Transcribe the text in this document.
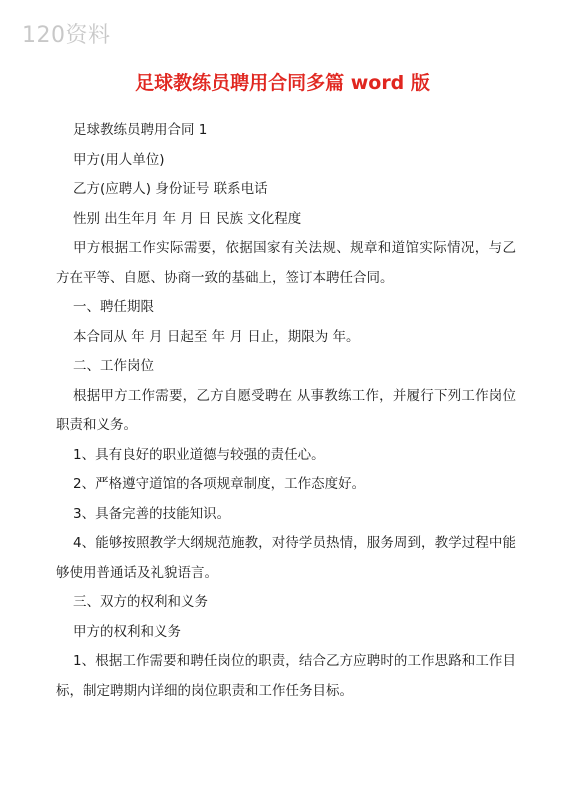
120资料
足球教练员聘用合同多篇 word 版

足球教练员聘用合同 1

甲方(用人单位)

乙方(应聘人) 身份证号 联系电话

性别 出生年月 年 月 日 民族 文化程度

甲方根据工作实际需要，依据国家有关法规、规章和道馆实际情况，与乙方在平等、自愿、协商一致的基础上，签订本聘任合同。

一、聘任期限

本合同从 年 月 日起至 年 月 日止，期限为 年。

二、工作岗位

根据甲方工作需要，乙方自愿受聘在 从事教练工作，并履行下列工作岗位职责和义务。

1、具有良好的职业道德与较强的责任心。

2、严格遵守道馆的各项规章制度，工作态度好。

3、具备完善的技能知识。

4、能够按照教学大纲规范施教，对待学员热情，服务周到，教学过程中能够使用普通话及礼貌语言。

三、双方的权利和义务

甲方的权利和义务

1、根据工作需要和聘任岗位的职责，结合乙方应聘时的工作思路和工作目标，制定聘期内详细的岗位职责和工作任务目标。
